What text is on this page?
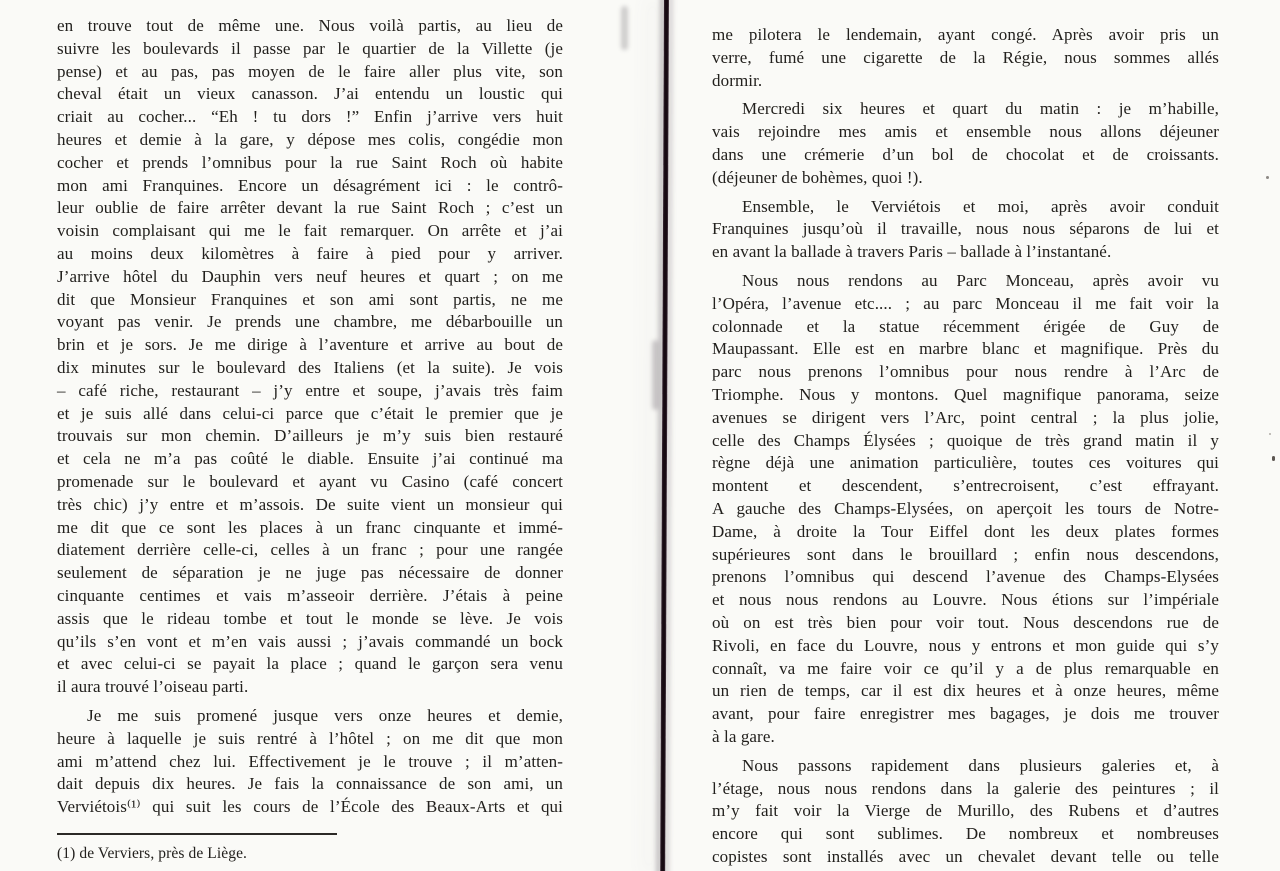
en trouve tout de même une. Nous voilà partis, au lieu de
suivre les boulevards il passe par le quartier de la Villette (je
pense) et au pas, pas moyen de le faire aller plus vite, son
cheval était un vieux canasson. J’ai entendu un loustic qui
criait au cocher... “Eh ! tu dors !” Enfin j’arrive vers huit
heures et demie à la gare, y dépose mes colis, congédie mon
cocher et prends l’omnibus pour la rue Saint Roch où habite
mon ami Franquines. Encore un désagrément ici : le contrô-
leur oublie de faire arrêter devant la rue Saint Roch ; c’est un
voisin complaisant qui me le fait remarquer. On arrête et j’ai
au moins deux kilomètres à faire à pied pour y arriver.
J’arrive hôtel du Dauphin vers neuf heures et quart ; on me
dit que Monsieur Franquines et son ami sont partis, ne me
voyant pas venir. Je prends une chambre, me débarbouille un
brin et je sors. Je me dirige à l’aventure et arrive au bout de
dix minutes sur le boulevard des Italiens (et la suite). Je vois
– café riche, restaurant – j’y entre et soupe, j’avais très faim
et je suis allé dans celui-ci parce que c’était le premier que je
trouvais sur mon chemin. D’ailleurs je m’y suis bien restauré
et cela ne m’a pas coûté le diable. Ensuite j’ai continué ma
promenade sur le boulevard et ayant vu Casino (café concert
très chic) j’y entre et m’assois. De suite vient un monsieur qui
me dit que ce sont les places à un franc cinquante et immé-
diatement derrière celle-ci, celles à un franc ; pour une rangée
seulement de séparation je ne juge pas nécessaire de donner
cinquante centimes et vais m’asseoir derrière. J’étais à peine
assis que le rideau tombe et tout le monde se lève. Je vois
qu’ils s’en vont et m’en vais aussi ; j’avais commandé un bock
et avec celui-ci se payait la place ; quand le garçon sera venu
il aura trouvé l’oiseau parti.
Je me suis promené jusque vers onze heures et demie,
heure à laquelle je suis rentré à l’hôtel ; on me dit que mon
ami m’attend chez lui. Effectivement je le trouve ; il m’atten-
dait depuis dix heures. Je fais la connaissance de son ami, un
Verviétois⁽¹⁾ qui suit les cours de l’École des Beaux-Arts et qui
(1) de Verviers, près de Liège.
me pilotera le lendemain, ayant congé. Après avoir pris un
verre, fumé une cigarette de la Régie, nous sommes allés
dormir.
Mercredi six heures et quart du matin : je m’habille,
vais rejoindre mes amis et ensemble nous allons déjeuner
dans une crémerie d’un bol de chocolat et de croissants.
(déjeuner de bohèmes, quoi !).
Ensemble, le Verviétois et moi, après avoir conduit
Franquines jusqu’où il travaille, nous nous séparons de lui et
en avant la ballade à travers Paris – ballade à l’instantané.
Nous nous rendons au Parc Monceau, après avoir vu
l’Opéra, l’avenue etc.... ; au parc Monceau il me fait voir la
colonnade et la statue récemment érigée de Guy de
Maupassant. Elle est en marbre blanc et magnifique. Près du
parc nous prenons l’omnibus pour nous rendre à l’Arc de
Triomphe. Nous y montons. Quel magnifique panorama, seize
avenues se dirigent vers l’Arc, point central ; la plus jolie,
celle des Champs Élysées ; quoique de très grand matin il y
règne déjà une animation particulière, toutes ces voitures qui
montent et descendent, s’entrecroisent, c’est effrayant.
A gauche des Champs-Elysées, on aperçoit les tours de Notre-
Dame, à droite la Tour Eiffel dont les deux plates formes
supérieures sont dans le brouillard ; enfin nous descendons,
prenons l’omnibus qui descend l’avenue des Champs-Elysées
et nous nous rendons au Louvre. Nous étions sur l’impériale
où on est très bien pour voir tout. Nous descendons rue de
Rivoli, en face du Louvre, nous y entrons et mon guide qui s’y
connaît, va me faire voir ce qu’il y a de plus remarquable en
un rien de temps, car il est dix heures et à onze heures, même
avant, pour faire enregistrer mes bagages, je dois me trouver
à la gare.
Nous passons rapidement dans plusieurs galeries et, à
l’étage, nous nous rendons dans la galerie des peintures ; il
m’y fait voir la Vierge de Murillo, des Rubens et d’autres
encore qui sont sublimes. De nombreux et nombreuses
copistes sont installés avec un chevalet devant telle ou telle
